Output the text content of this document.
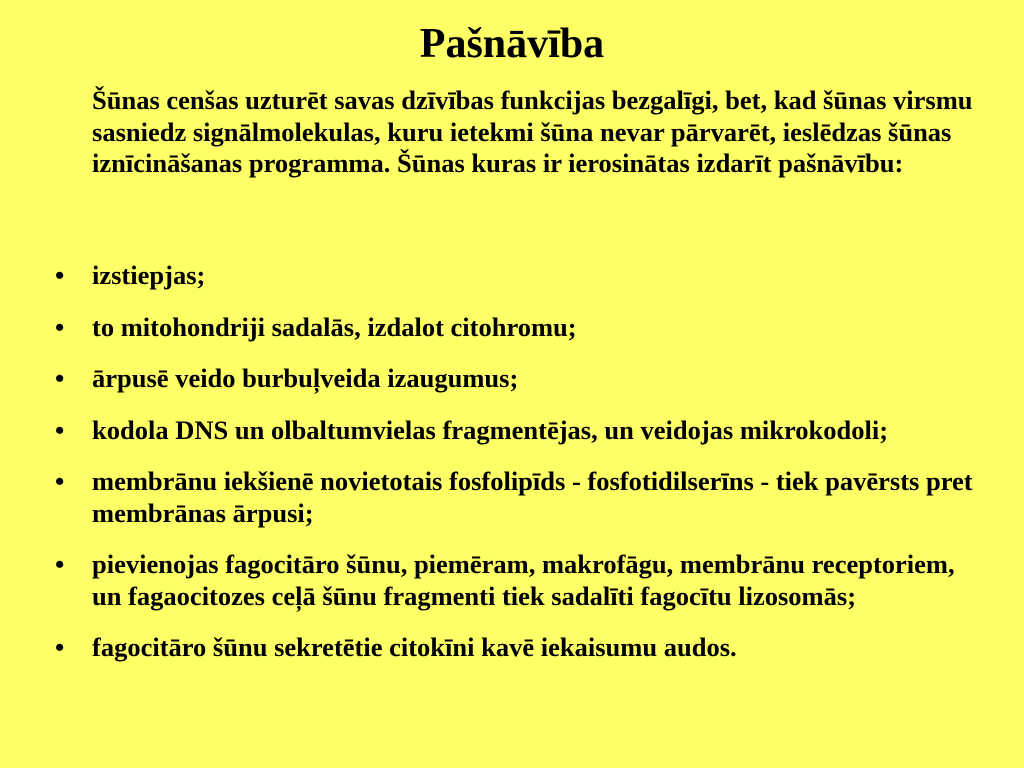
Pašnāvība

Šūnas cenšas uzturēt savas dzīvības funkcijas bezgalīgi, bet, kad šūnas virsmu sasniedz signālmolekulas, kuru ietekmi šūna nevar pārvarēt, ieslēdzas šūnas iznīcināšanas programma. Šūnas kuras ir ierosinātas izdarīt pašnāvību:

• izstiepjas;
• to mitohondriji sadalās, izdalot citohromu;
• ārpusē veido burbuļveida izaugumus;
• kodola DNS un olbaltumvielas fragmentējas, un veidojas mikrokodoli;
• membrānu iekšienē novietotais fosfolipīds - fosfotidilserīns - tiek pavērsts pret membrānas ārpusi;
• pievienojas fagocitāro šūnu, piemēram, makrofāgu, membrānu receptoriem, un fagaocitozes ceļā šūnu fragmenti tiek sadalīti fagocītu lizosomās;
• fagocitāro šūnu sekretētie citokīni kavē iekaisumu audos.
